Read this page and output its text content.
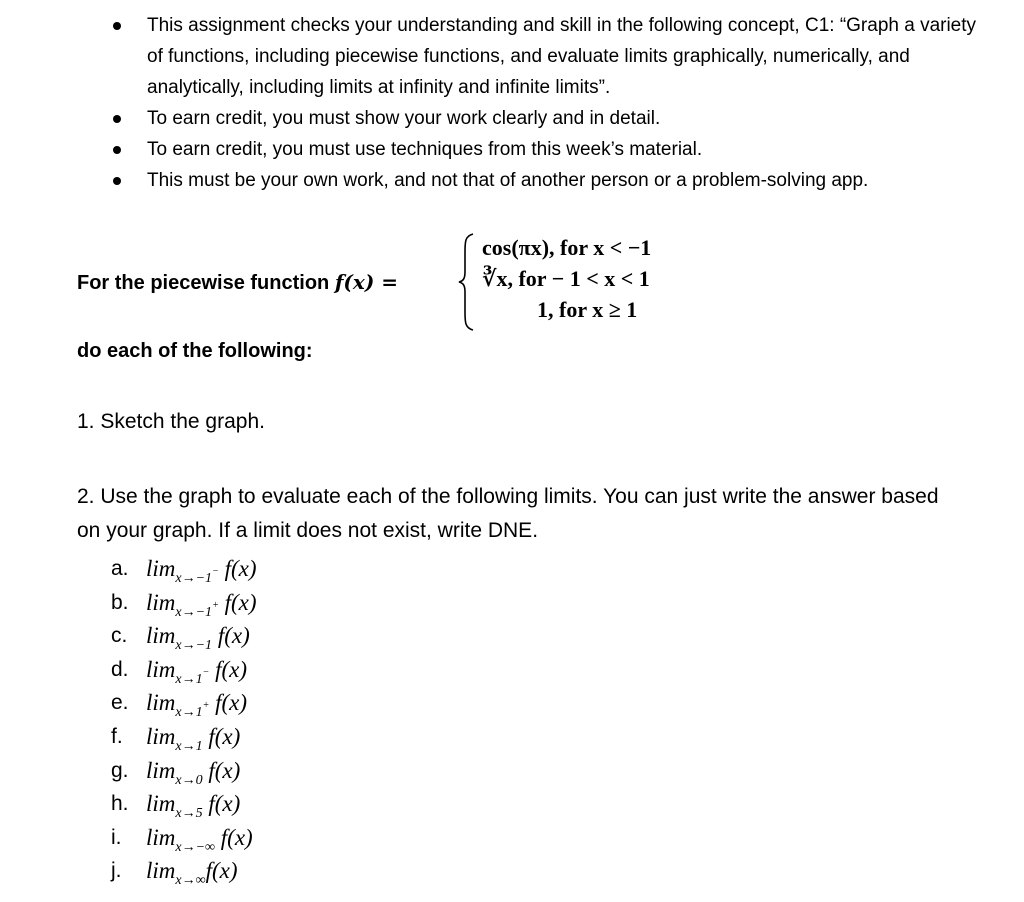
This assignment checks your understanding and skill in the following concept, C1: “Graph a variety of functions, including piecewise functions, and evaluate limits graphically, numerically, and analytically, including limits at infinity and infinite limits”.
To earn credit, you must show your work clearly and in detail.
To earn credit, you must use techniques from this week’s material.
This must be your own work, and not that of another person or a problem-solving app.
For the piecewise function f(x) =
cos(πx), for x < −1
∛x, for − 1 < x < 1
1, for x ≥ 1
do each of the following:
1. Sketch the graph.
2. Use the graph to evaluate each of the following limits. You can just write the answer based on your graph. If a limit does not exist, write DNE.
a. $\lim_{x\to-1^-} f(x)$
b. $\lim_{x\to-1^+} f(x)$
c. $\lim_{x\to-1} f(x)$
d. $\lim_{x\to 1^-} f(x)$
e. $\lim_{x\to 1^+} f(x)$
f. $\lim_{x\to 1} f(x)$
g. $\lim_{x\to 0} f(x)$
h. $\lim_{x\to 5} f(x)$
i. $\lim_{x\to-\infty} f(x)$
j. $\lim_{x\to\infty}f(x)$
